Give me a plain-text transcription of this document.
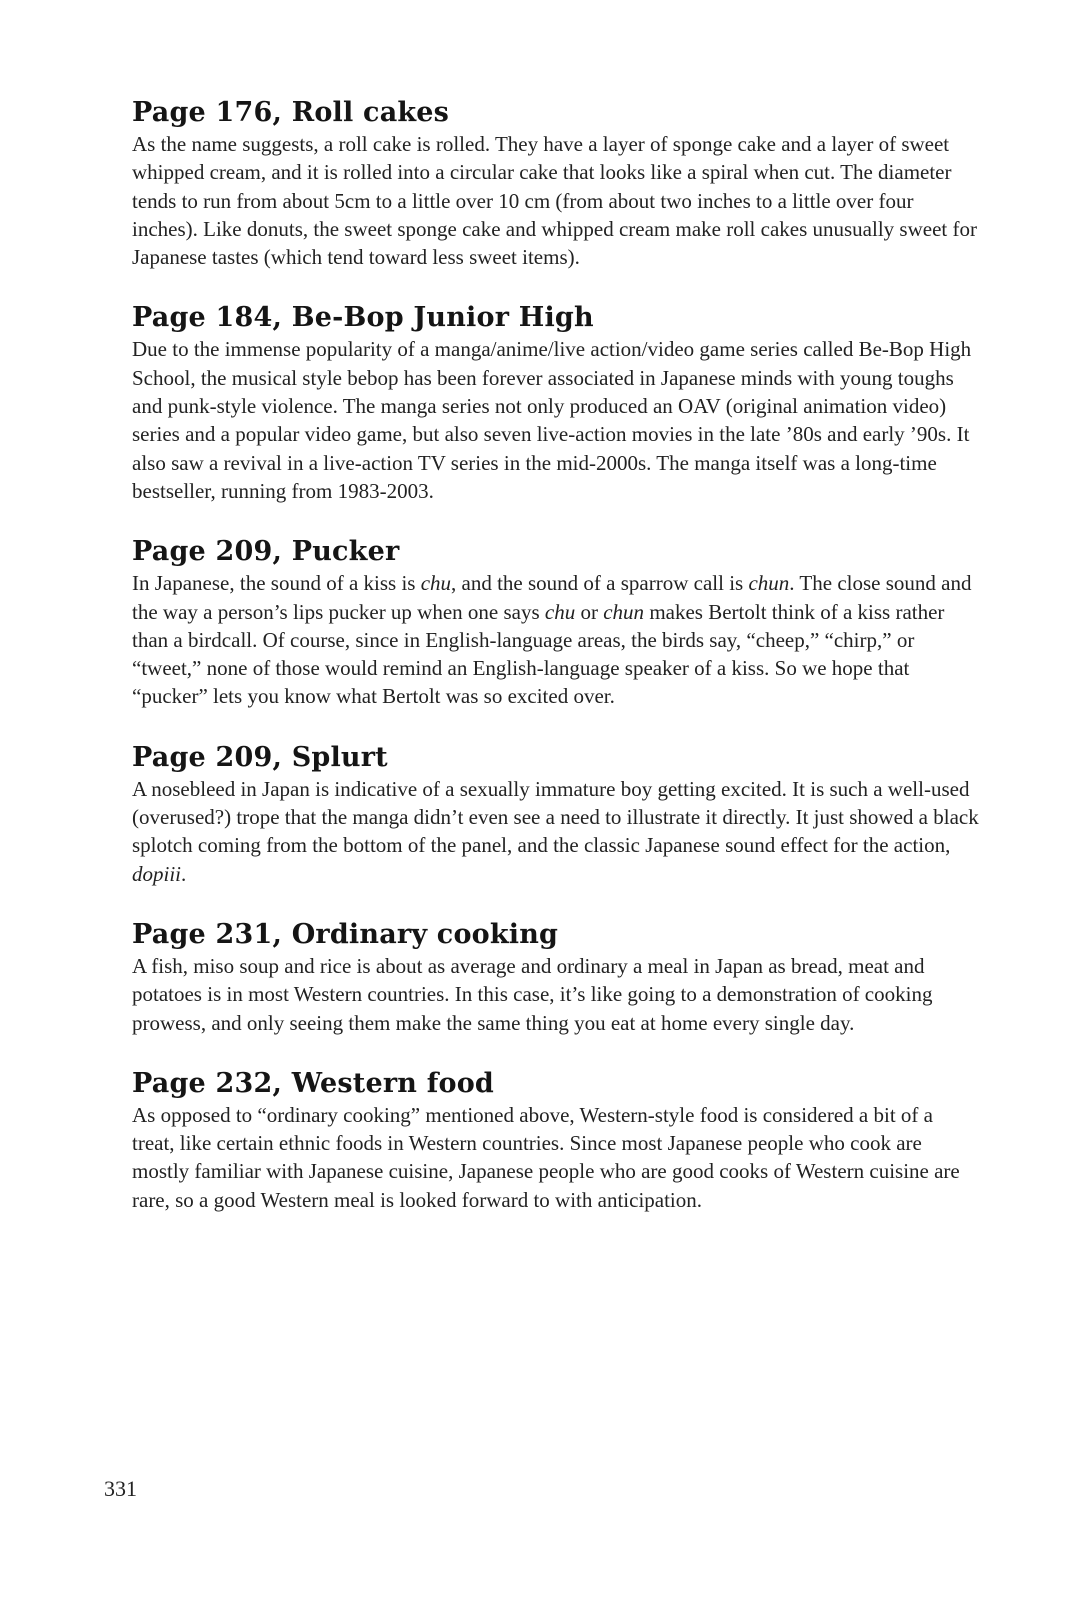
Page 176, Roll cakes

As the name suggests, a roll cake is rolled. They have a layer of sponge cake and a layer of sweet whipped cream, and it is rolled into a circular cake that looks like a spiral when cut. The diameter tends to run from about 5cm to a little over 10 cm (from about two inches to a little over four inches). Like donuts, the sweet sponge cake and whipped cream make roll cakes unusually sweet for Japanese tastes (which tend toward less sweet items).

Page 184, Be-Bop Junior High

Due to the immense popularity of a manga/anime/live action/video game series called Be-Bop High School, the musical style bebop has been forever associated in Japanese minds with young toughs and punk-style violence. The manga series not only produced an OAV (original animation video) series and a popular video game, but also seven live-action movies in the late ’80s and early ’90s. It also saw a revival in a live-action TV series in the mid-2000s. The manga itself was a long-time bestseller, running from 1983-2003.

Page 209, Pucker

In Japanese, the sound of a kiss is chu, and the sound of a sparrow call is chun. The close sound and the way a person’s lips pucker up when one says chu or chun makes Bertolt think of a kiss rather than a birdcall. Of course, since in English-language areas, the birds say, “cheep,” “chirp,” or “tweet,” none of those would remind an English-language speaker of a kiss. So we hope that “pucker” lets you know what Bertolt was so excited over.

Page 209, Splurt

A nosebleed in Japan is indicative of a sexually immature boy getting excited. It is such a well-used (overused?) trope that the manga didn’t even see a need to illustrate it directly. It just showed a black splotch coming from the bottom of the panel, and the classic Japanese sound effect for the action, dopiii.

Page 231, Ordinary cooking

A fish, miso soup and rice is about as average and ordinary a meal in Japan as bread, meat and potatoes is in most Western countries. In this case, it’s like going to a demonstration of cooking prowess, and only seeing them make the same thing you eat at home every single day.

Page 232, Western food

As opposed to “ordinary cooking” mentioned above, Western-style food is considered a bit of a treat, like certain ethnic foods in Western countries. Since most Japanese people who cook are mostly familiar with Japanese cuisine, Japanese people who are good cooks of Western cuisine are rare, so a good Western meal is looked forward to with anticipation.

331
